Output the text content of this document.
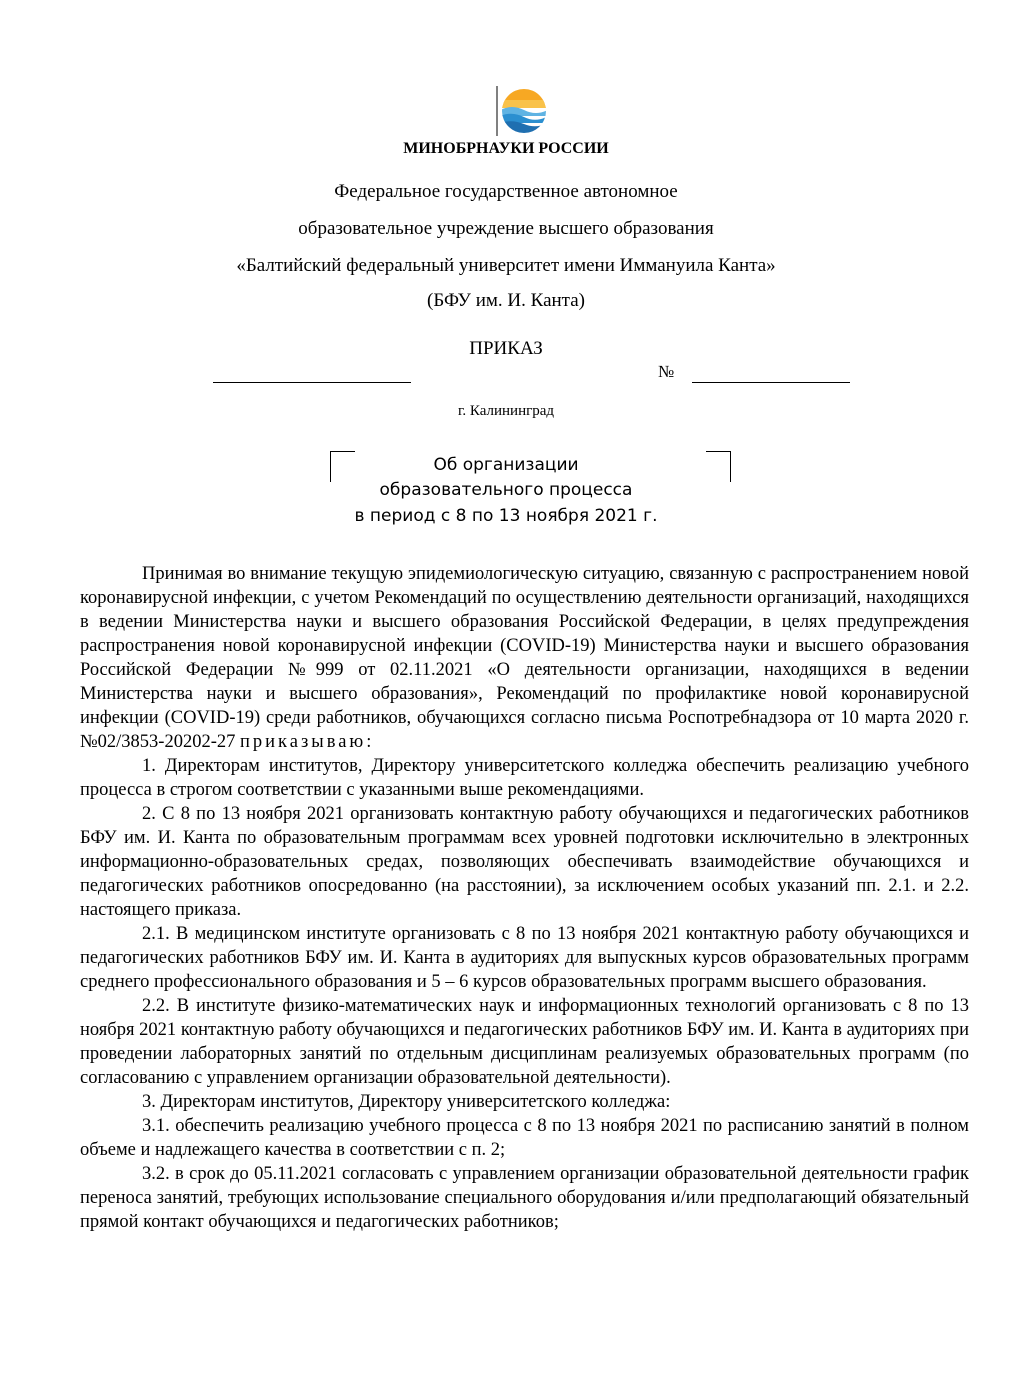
МИНОБРНАУКИ РОССИИ
Федеральное государственное автономное
образовательное учреждение высшего образования
«Балтийский федеральный университет имени Иммануила Канта»
(БФУ им. И. Канта)
ПРИКАЗ
№
г. Калининград
Об организации
образовательного процесса
в период с 8 по 13 ноября 2021 г.

Принимая во внимание текущую эпидемиологическую ситуацию, связанную с распространением новой коронавирусной инфекции, с учетом Рекомендаций по осуществлению деятельности организаций, находящихся в ведении Министерства науки и высшего образования Российской Федерации, в целях предупреждения распространения новой коронавирусной инфекции (COVID-19) Министерства науки и высшего образования Российской Федерации №999 от 02.11.2021 «О деятельности организации, находящихся в ведении Министерства науки и высшего образования», Рекомендаций по профилактике новой коронавирусной инфекции (COVID-19) среди работников, обучающихся согласно письма Роспотребнадзора от 10 марта 2020 г. №02/3853-20202-27 приказываю:

1. Директорам институтов, Директору университетского колледжа обеспечить реализацию учебного процесса в строгом соответствии с указанными выше рекомендациями.

2. С 8 по 13 ноября 2021 организовать контактную работу обучающихся и педагогических работников БФУ им. И. Канта по образовательным программам всех уровней подготовки исключительно в электронных информационно-образовательных средах, позволяющих обеспечивать взаимодействие обучающихся и педагогических работников опосредованно (на расстоянии), за исключением особых указаний пп. 2.1. и 2.2. настоящего приказа.

2.1. В медицинском институте организовать с 8 по 13 ноября 2021 контактную работу обучающихся и педагогических работников БФУ им. И. Канта в аудиториях для выпускных курсов образовательных программ среднего профессионального образования и 5 – 6 курсов образовательных программ высшего образования.

2.2. В институте физико-математических наук и информационных технологий организовать с 8 по 13 ноября 2021 контактную работу обучающихся и педагогических работников БФУ им. И. Канта в аудиториях при проведении лабораторных занятий по отдельным дисциплинам реализуемых образовательных программ (по согласованию с управлением организации образовательной деятельности).

3. Директорам институтов, Директору университетского колледжа:

3.1. обеспечить реализацию учебного процесса с 8 по 13 ноября 2021 по расписанию занятий в полном объеме и надлежащего качества в соответствии с п. 2;

3.2. в срок до 05.11.2021 согласовать с управлением организации образовательной деятельности график переноса занятий, требующих использование специального оборудования и/или предполагающий обязательный прямой контакт обучающихся и педагогических работников;
